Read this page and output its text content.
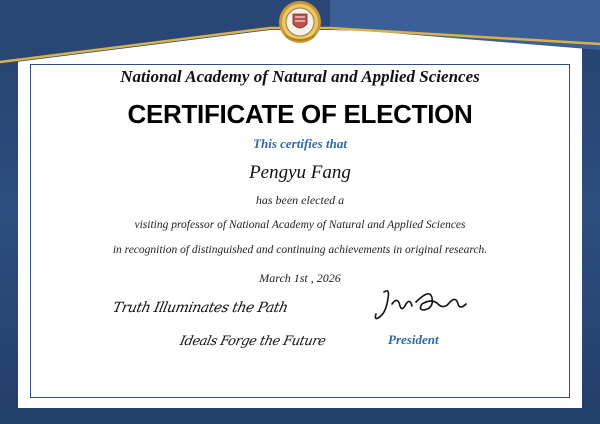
National Academy of Natural and Applied Sciences
CERTIFICATE OF ELECTION
This certifies that
Pengyu Fang
has been elected a
visiting professor of National Academy of Natural and Applied Sciences
in recognition of distinguished and continuing achievements in original research.
March 1st , 2026
Truth Illuminates the Path
Ideals Forge the Future	President
